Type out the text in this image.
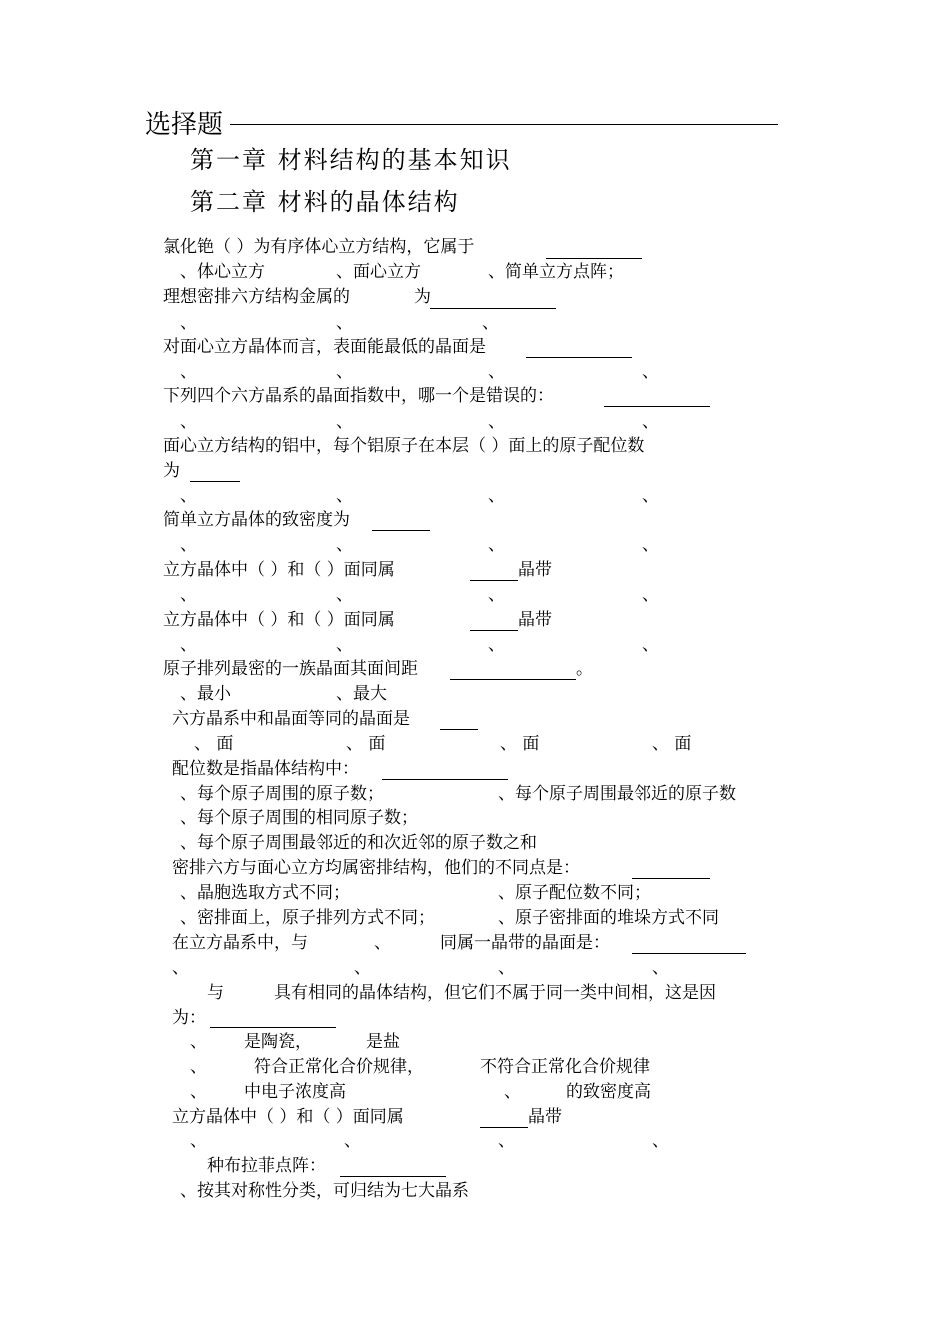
选择题
第一章 材料结构的基本知识
第二章 材料的晶体结构
氯化铯（ ）为有序体心立方结构，它属于
、体心立方	、面心立方	、简单立方点阵；
理想密排六方结构金属的	为
、	、	、
对面心立方晶体而言，表面能最低的晶面是
、	、	、	、
下列四个六方晶系的晶面指数中，哪一个是错误的：
、	、	、	、
面心立方结构的铝中，每个铝原子在本层（ ）面上的原子配位数
为
、	、	、	、
简单立方晶体的致密度为
、	、	、	、
立方晶体中（ ）和（ ）面同属	晶带
、	、	、	、
立方晶体中（ ）和（ ）面同属	晶带
、	、	、	、
原子排列最密的一族晶面其面间距	。
、最小	、最大
六方晶系中和晶面等同的晶面是
、 面	、 面	、 面	、 面
配位数是指晶体结构中：
、每个原子周围的原子数；	、每个原子周围最邻近的原子数
、每个原子周围的相同原子数；
、每个原子周围最邻近的和次近邻的原子数之和
密排六方与面心立方均属密排结构，他们的不同点是：
、晶胞选取方式不同；	、原子配位数不同；
、密排面上，原子排列方式不同；	、原子密排面的堆垛方式不同
在立方晶系中，与	、	同属一晶带的晶面是：
、	、	、	、
与	具有相同的晶体结构，但它们不属于同一类中间相，这是因
为：
、 是陶瓷，	是盐
、	符合正常化合价规律，	不符合正常化合价规律
、 中电子浓度高	、	的致密度高
立方晶体中（ ）和（ ）面同属	晶带
、	、	、	、
种布拉菲点阵：
、按其对称性分类，可归结为七大晶系
